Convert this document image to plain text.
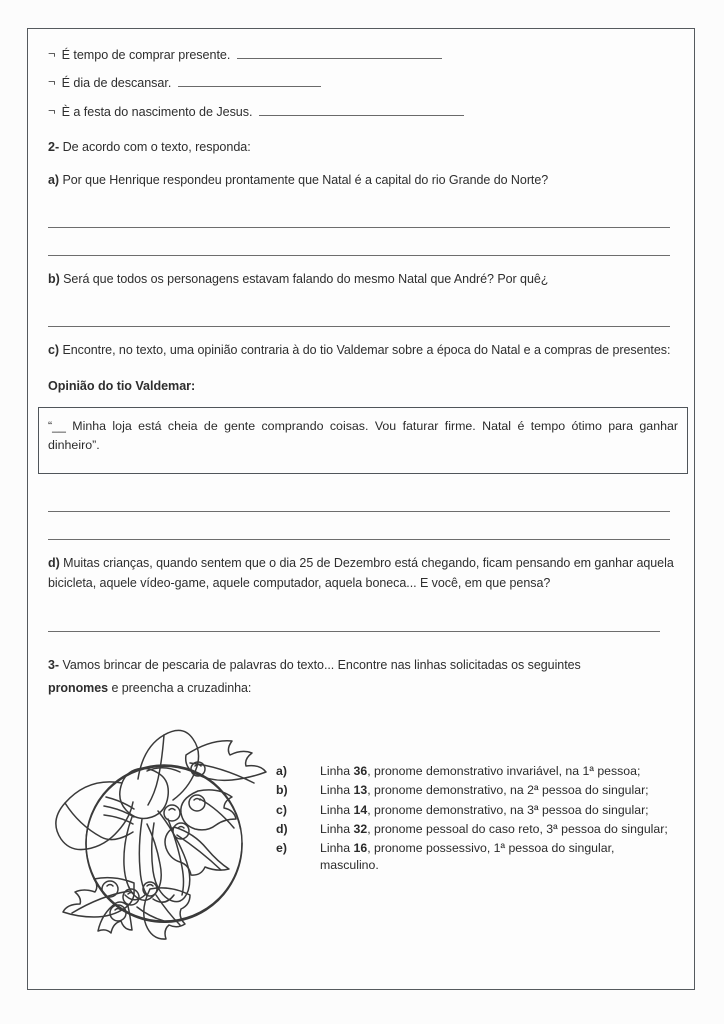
¬ É tempo de comprar presente.
¬ É dia de descansar.
¬ È a festa do nascimento de Jesus.
2- De acordo com o texto, responda:
a) Por que Henrique respondeu prontamente que Natal é a capital do rio Grande do Norte?
b) Será que todos os personagens estavam falando do mesmo Natal que André? Por quê¿
c) Encontre, no texto, uma opinião contraria à do tio Valdemar sobre a época do Natal e a compras de presentes:
Opinião do tio Valdemar:
“__ Minha loja está cheia de gente comprando coisas. Vou faturar firme. Natal é tempo ótimo para ganhar dinheiro”.
d) Muitas crianças, quando sentem que o dia 25 de Dezembro está chegando, ficam pensando em ganhar aquela bicicleta, aquele vídeo-game, aquele computador, aquela boneca... E você, em que pensa?
3- Vamos brincar de pescaria de palavras do texto... Encontre nas linhas solicitadas os seguintes pronomes e preencha a cruzadinha:
a)	Linha 36, pronome demonstrativo invariável, na 1ª pessoa;
b)	Linha 13, pronome demonstrativo, na 2ª pessoa do singular;
c)	Linha 14, pronome demonstrativo, na 3ª pessoa do singular;
d)	Linha 32, pronome pessoal do caso reto, 3ª pessoa do singular;
e)	Linha 16, pronome possessivo, 1ª pessoa do singular, masculino.
